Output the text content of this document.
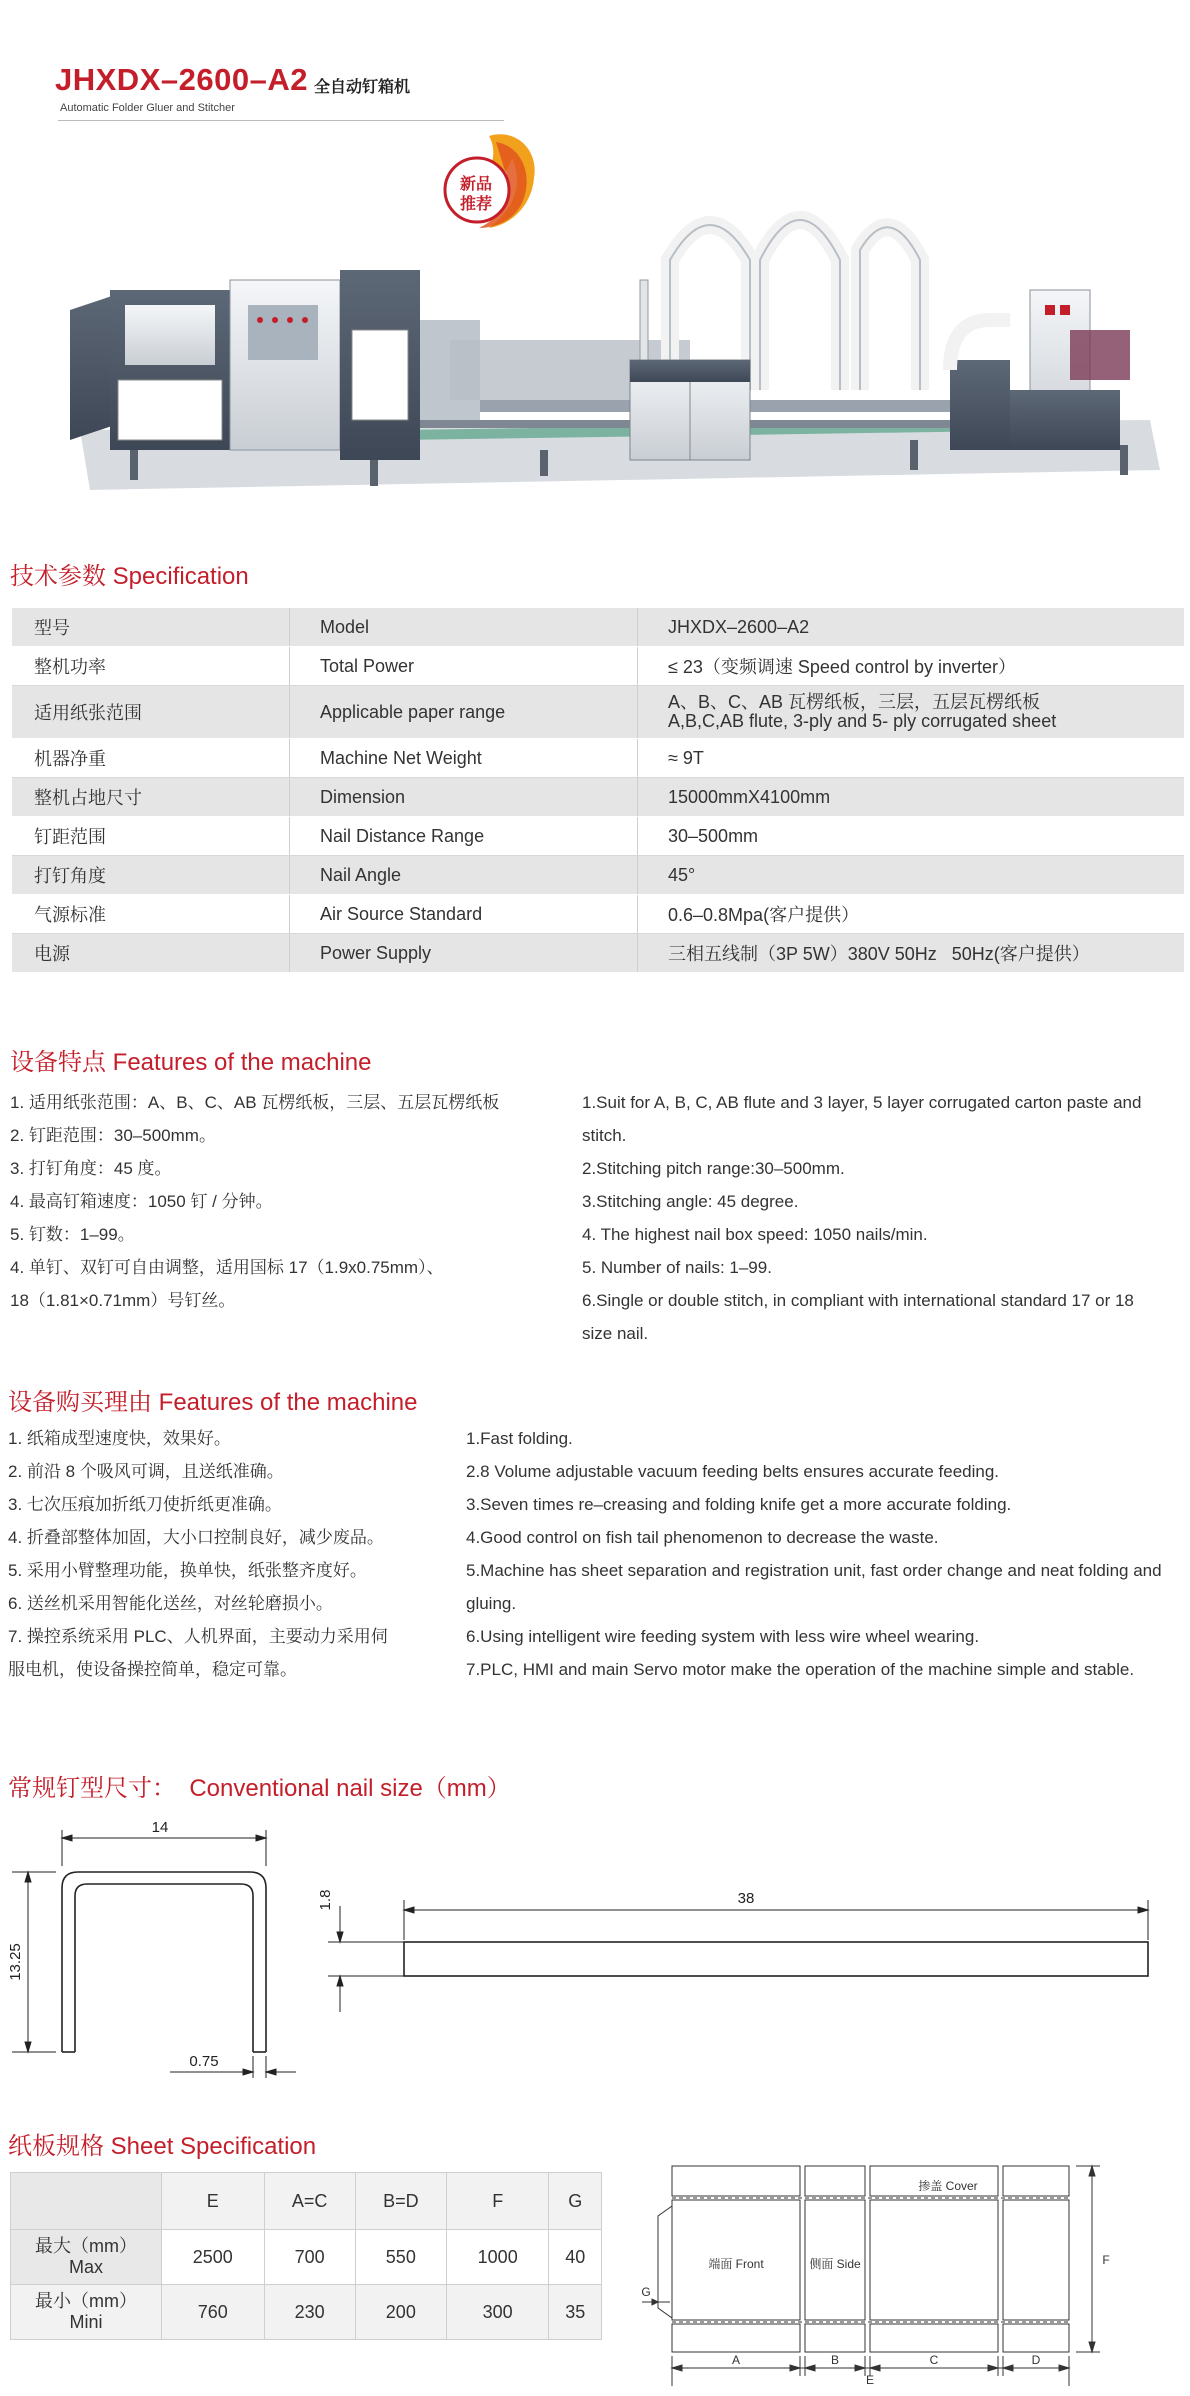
JHXDX–2600–A2 全自动钉箱机
Automatic Folder Gluer and Stitcher
新品
推荐
技术参数 Specification
型号	Model	JHXDX–2600–A2
整机功率	Total Power	≤ 23（变频调速 Speed control by inverter）
适用纸张范围	Applicable paper range	A、B、C、AB 瓦楞纸板，三层，五层瓦楞纸板
A,B,C,AB flute, 3-ply and 5- ply corrugated sheet
机器净重	Machine Net Weight	≈ 9T
整机占地尺寸	Dimension	15000mmX4100mm
钉距范围	Nail Distance Range	30–500mm
打钉角度	Nail Angle	45°
气源标准	Air Source Standard	0.6–0.8Mpa(客户提供）
电源	Power Supply	三相五线制（3P 5W）380V 50Hz   50Hz(客户提供）
设备特点 Features of the machine
1. 适用纸张范围：A、B、C、AB 瓦楞纸板，三层、五层瓦楞纸板
2. 钉距范围：30–500mm。
3. 打钉角度：45 度。
4. 最高钉箱速度：1050 钉 / 分钟。
5. 钉数：1–99。
4. 单钉、双钉可自由调整，适用国标 17（1.9x0.75mm）、
18（1.81×0.71mm）号钉丝。
1.Suit for A, B, C, AB flute and 3 layer, 5 layer corrugated carton paste and stitch.
2.Stitching pitch range:30–500mm.
3.Stitching angle: 45 degree.
4. The highest nail box speed: 1050 nails/min.
5. Number of nails: 1–99.
6.Single or double stitch, in compliant with international standard 17 or 18 size nail.
设备购买理由 Features of the machine
1. 纸箱成型速度快，效果好。
2. 前沿 8 个吸风可调，且送纸准确。
3. 七次压痕加折纸刀使折纸更准确。
4. 折叠部整体加固，大小口控制良好，减少废品。
5. 采用小臂整理功能，换单快，纸张整齐度好。
6. 送丝机采用智能化送丝，对丝轮磨损小。
7. 操控系统采用 PLC、人机界面，主要动力采用伺
服电机，使设备操控简单，稳定可靠。
1.Fast folding.
2.8 Volume adjustable vacuum feeding belts ensures accurate feeding.
3.Seven times re–creasing and folding knife get a more accurate folding.
4.Good control on fish tail phenomenon to decrease the waste.
5.Machine has sheet separation and registration unit, fast order change and neat folding and gluing.
6.Using intelligent wire feeding system with less wire wheel wearing.
7.PLC, HMI and main Servo motor make the operation of the machine simple and stable.
常规钉型尺寸：  Conventional nail size（mm）
14
13.25
0.75
1.8	38
纸板规格 Sheet Specification
	E	A=C	B=D	F	G

最大（mm）
Max	2500	700	550	1000	40

最小（mm）
Mini	760	230	200	300	35
掺盖 Cover
端面 Front	侧面 Side	F
A	B	C	D
E
G
